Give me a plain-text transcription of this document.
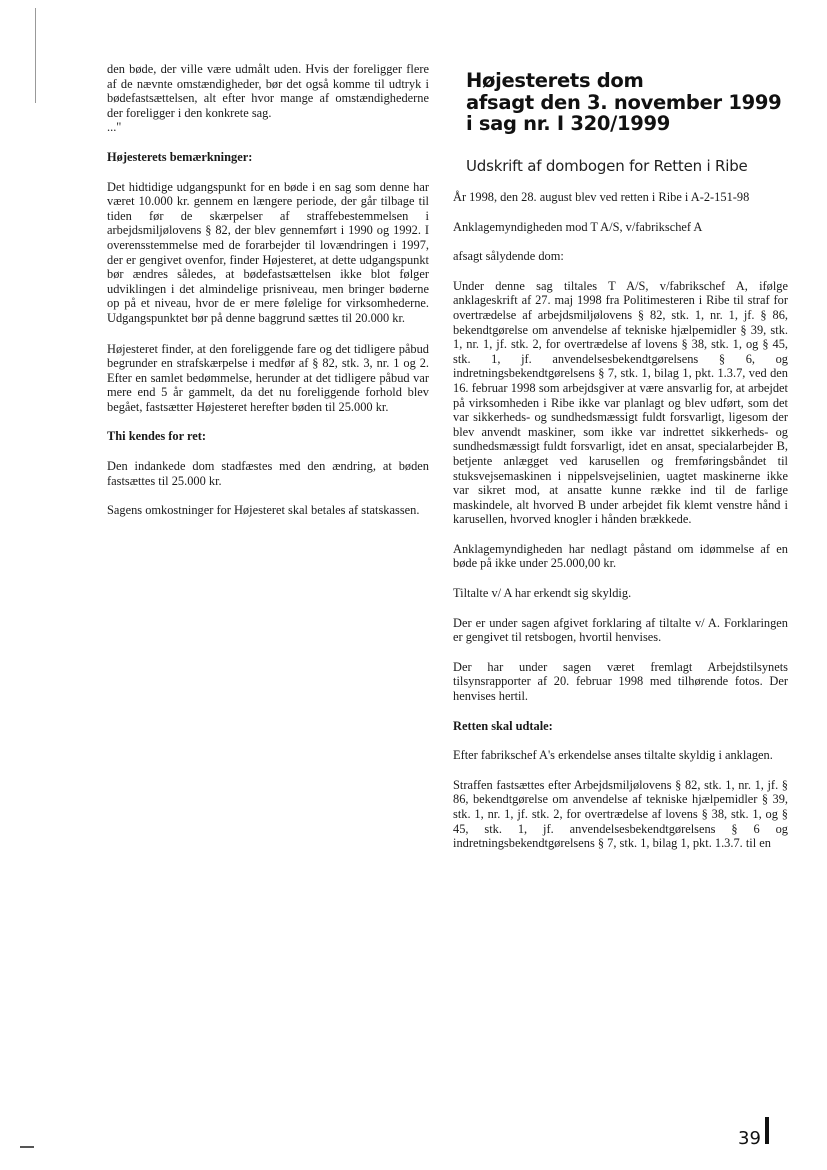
den bøde, der ville være udmålt uden. Hvis der foreligger flere af de nævnte omstændigheder, bør det også komme til udtryk i bødefastsættelsen, alt efter hvor mange af omstændighederne der foreligger i den konkrete sag.

..."

Højesterets bemærkninger:

Det hidtidige udgangspunkt for en bøde i en sag som denne har været 10.000 kr. gennem en længere periode, der går tilbage til tiden før de skærpelser af straffebestemmelsen i arbejdsmiljølovens § 82, der blev gennemført i 1990 og 1992. I overensstemmelse med de forarbejder til lovændringen i 1997, der er gengivet ovenfor, finder Højesteret, at dette udgangspunkt bør ændres således, at bødefastsættelsen ikke blot følger udviklingen i det almindelige prisniveau, men bringer bøderne op på et niveau, hvor de er mere følelige for virksomhederne. Udgangspunktet bør på denne baggrund sættes til 20.000 kr.

Højesteret finder, at den foreliggende fare og det tidligere påbud begrunder en strafskærpelse i medfør af § 82, stk. 3, nr. 1 og 2. Efter en samlet bedømmelse, herunder at det tidligere påbud var mere end 5 år gammelt, da det nu foreliggende forhold blev begået, fastsætter Højesteret herefter bøden til 25.000 kr.

Thi kendes for ret:

Den indankede dom stadfæstes med den ændring, at bøden fastsættes til 25.000 kr.

Sagens omkostninger for Højesteret skal betales af statskassen.

Højesterets dom
afsagt den 3. november 1999
i sag nr. I 320/1999
Udskrift af dombogen for Retten i Ribe

År 1998, den 28. august blev ved retten i Ribe i A-2-151-98

Anklagemyndigheden mod T A/S, v/fabrikschef A

afsagt sålydende dom:

Under denne sag tiltales T A/S, v/fabrikschef A, ifølge anklageskrift af 27. maj 1998 fra Politimesteren i Ribe til straf for overtrædelse af arbejdsmiljølovens § 82, stk. 1, nr. 1, jf. § 86, bekendtgørelse om anvendelse af tekniske hjælpemidler § 39, stk. 1, nr. 1, jf. stk. 2, for overtrædelse af lovens § 38, stk. 1, og § 45, stk. 1, jf. anvendelsesbekendtgørelsens § 6, og indretningsbekendtgørelsens § 7, stk. 1, bilag 1, pkt. 1.3.7, ved den 16. februar 1998 som arbejdsgiver at være ansvarlig for, at arbejdet på virksomheden i Ribe ikke var planlagt og blev udført, som det var sikkerheds- og sundhedsmæssigt fuldt forsvarligt, ligesom der blev anvendt maskiner, som ikke var indrettet sikkerheds- og sundhedsmæssigt fuldt forsvarligt, idet en ansat, specialarbejder B, betjente anlægget ved karusellen og fremføringsbåndet til stuksvejsemaskinen i nippelsvejselinien, uagtet maskinerne ikke var sikret mod, at ansatte kunne række ind til de farlige maskindele, alt hvorved B under arbejdet fik klemt venstre hånd i karusellen, hvorved knogler i hånden brækkede.

Anklagemyndigheden har nedlagt påstand om idømmelse af en bøde på ikke under 25.000,00 kr.

Tiltalte v/ A har erkendt sig skyldig.

Der er under sagen afgivet forklaring af tiltalte v/ A. Forklaringen er gengivet til retsbogen, hvortil henvises.

Der har under sagen været fremlagt Arbejdstilsynets tilsynsrapporter af 20. februar 1998 med tilhørende fotos. Der henvises hertil.

Retten skal udtale:

Efter fabrikschef A's erkendelse anses tiltalte skyldig i anklagen.

Straffen fastsættes efter Arbejdsmiljølovens § 82, stk. 1, nr. 1, jf. § 86, bekendtgørelse om anvendelse af tekniske hjælpemidler § 39, stk. 1, nr. 1, jf. stk. 2, for overtrædelse af lovens § 38, stk. 1, og § 45, stk. 1, jf. anvendelsesbekendtgørelsens § 6 og indretningsbekendtgørelsens § 7, stk. 1, bilag 1, pkt. 1.3.7. til en

39
